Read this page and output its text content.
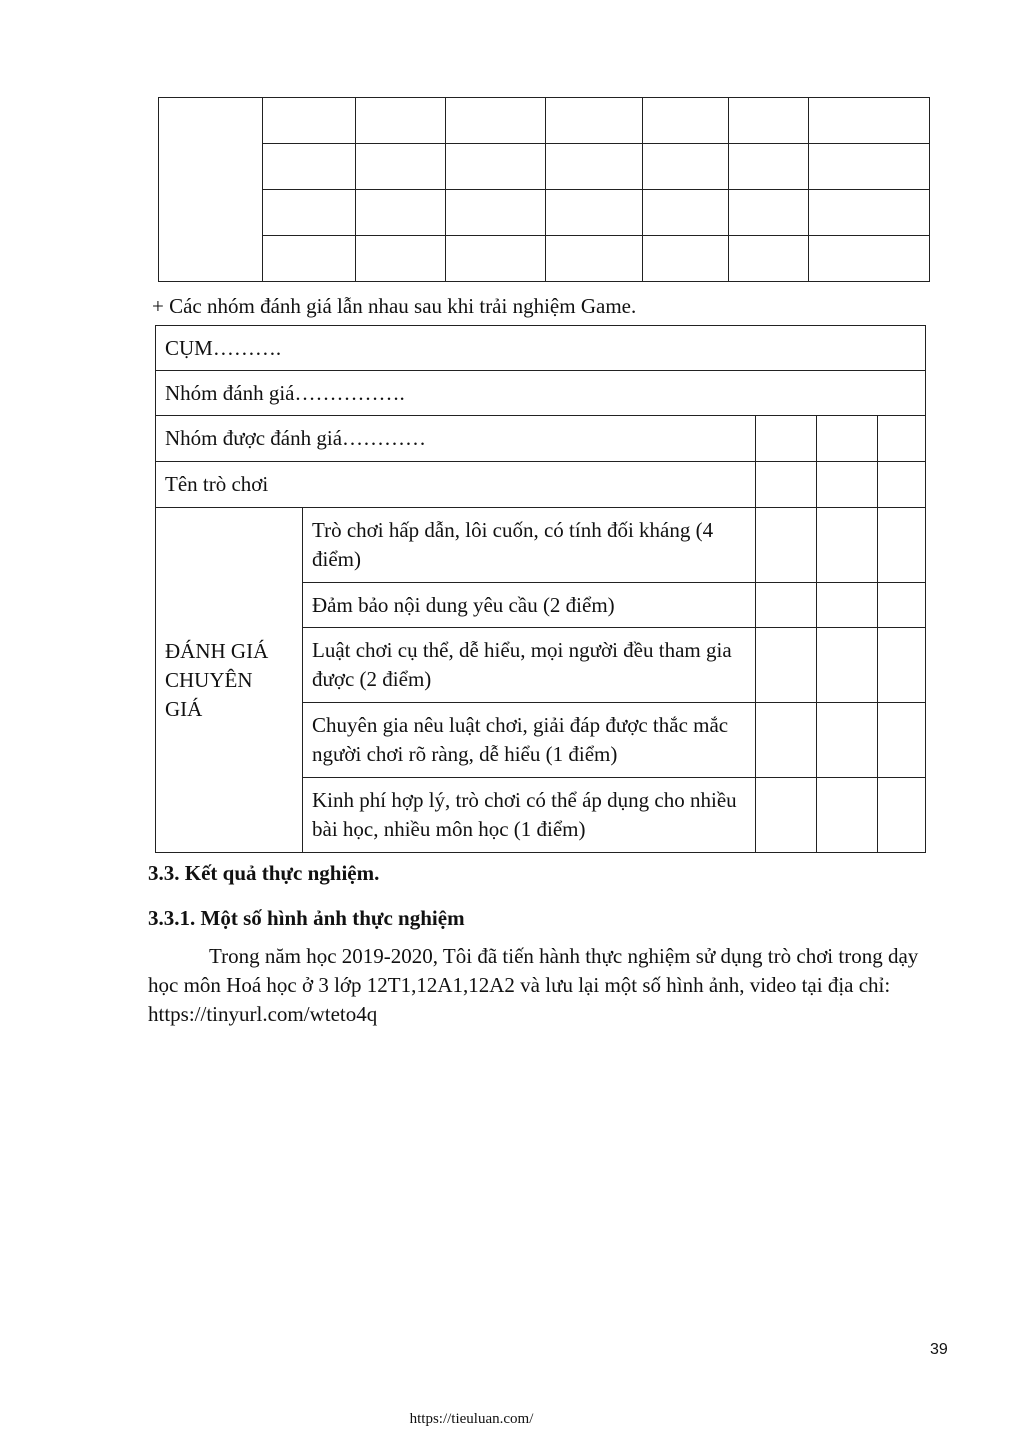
+ Các nhóm đánh giá lẫn nhau sau khi trải nghiệm Game.
CỤM……….				
Nhóm đánh giá…………….				
Nhóm được đánh giá…………				
Tên trò chơi				

ĐÁNH GIÁ CHUYÊN GIÁ	Trò chơi hấp dẫn, lôi cuốn, có tính đối kháng (4 điểm)			
	Đảm bảo nội dung yêu cầu (2 điểm)			
	Luật chơi cụ thể, dễ hiểu, mọi người đều tham gia được (2 điểm)			
	Chuyên gia nêu luật chơi, giải đáp được thắc mắc người chơi rõ ràng, dễ hiểu (1 điểm)			
	Kinh phí hợp lý, trò chơi có thể áp dụng cho nhiều bài học, nhiều môn học (1 điểm)			
3.3. Kết quả thực nghiệm.
3.3.1. Một số hình ảnh thực nghiệm
Trong năm học 2019-2020, Tôi đã tiến hành thực nghiệm sử dụng trò chơi trong dạy học môn Hoá học ở 3 lớp 12T1,12A1,12A2 và lưu lại một số hình ảnh, video tại địa chỉ: https://tinyurl.com/wteto4q
39
https://tieuluan.com/
